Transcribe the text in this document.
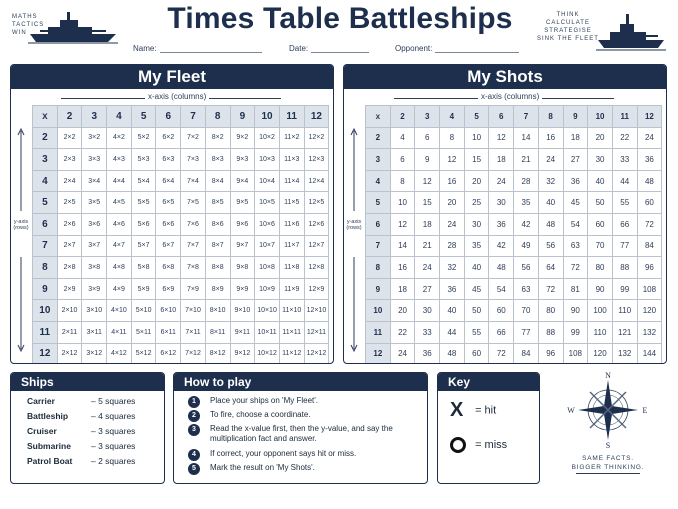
MATHS
TACTICS
WIN	Times Table Battleships	THINK
CALCULATE
STRATEGISE
SINK THE FLEET
Name:	Date:	Opponent:
My Fleet
x-axis (columns)
y-axis
(rows)
x	2	3	4	5	6	7	8	9	10	11	12
2	2×2	3×2	4×2	5×2	6×2	7×2	8×2	9×2	10×2	11×2	12×2
3	2×3	3×3	4×3	5×3	6×3	7×3	8×3	9×3	10×3	11×3	12×3
4	2×4	3×4	4×4	5×4	6×4	7×4	8×4	9×4	10×4	11×4	12×4
5	2×5	3×5	4×5	5×5	6×5	7×5	8×5	9×5	10×5	11×5	12×5
6	2×6	3×6	4×6	5×6	6×6	7×6	8×6	9×6	10×6	11×6	12×6
7	2×7	3×7	4×7	5×7	6×7	7×7	8×7	9×7	10×7	11×7	12×7
8	2×8	3×8	4×8	5×8	6×8	7×8	8×8	9×8	10×8	11×8	12×8
9	2×9	3×9	4×9	5×9	6×9	7×9	8×9	9×9	10×9	11×9	12×9
10	2×10	3×10	4×10	5×10	6×10	7×10	8×10	9×10	10×10	11×10	12×10
11	2×11	3×11	4×11	5×11	6×11	7×11	8×11	9×11	10×11	11×11	12×11
12	2×12	3×12	4×12	5×12	6×12	7×12	8×12	9×12	10×12	11×12	12×12
My Shots
x-axis (columns)
y-axis
(rows)
x	2	3	4	5	6	7	8	9	10	11	12
2	4	6	8	10	12	14	16	18	20	22	24
3	6	9	12	15	18	21	24	27	30	33	36
4	8	12	16	20	24	28	32	36	40	44	48
5	10	15	20	25	30	35	40	45	50	55	60
6	12	18	24	30	36	42	48	54	60	66	72
7	14	21	28	35	42	49	56	63	70	77	84
8	16	24	32	40	48	56	64	72	80	88	96
9	18	27	36	45	54	63	72	81	90	99	108
10	20	30	40	50	60	70	80	90	100	110	120
11	22	33	44	55	66	77	88	99	110	121	132
12	24	36	48	60	72	84	96	108	120	132	144
Ships
Carrier	– 5 squares
Battleship	– 4 squares
Cruiser	– 3 squares
Submarine – 3 squares
Patrol Boat – 2 squares
How to play
1	Place your ships on 'My Fleet'.
2	To fire, choose a coordinate.
3	Read the x-value first, then the y-value, and say the multiplication fact and answer.
4	If correct, your opponent says hit or miss.
5	Mark the result on 'My Shots'.
Key
X = hit
= miss
N
S
W	E
SAME FACTS.
BIGGER THINKING.
